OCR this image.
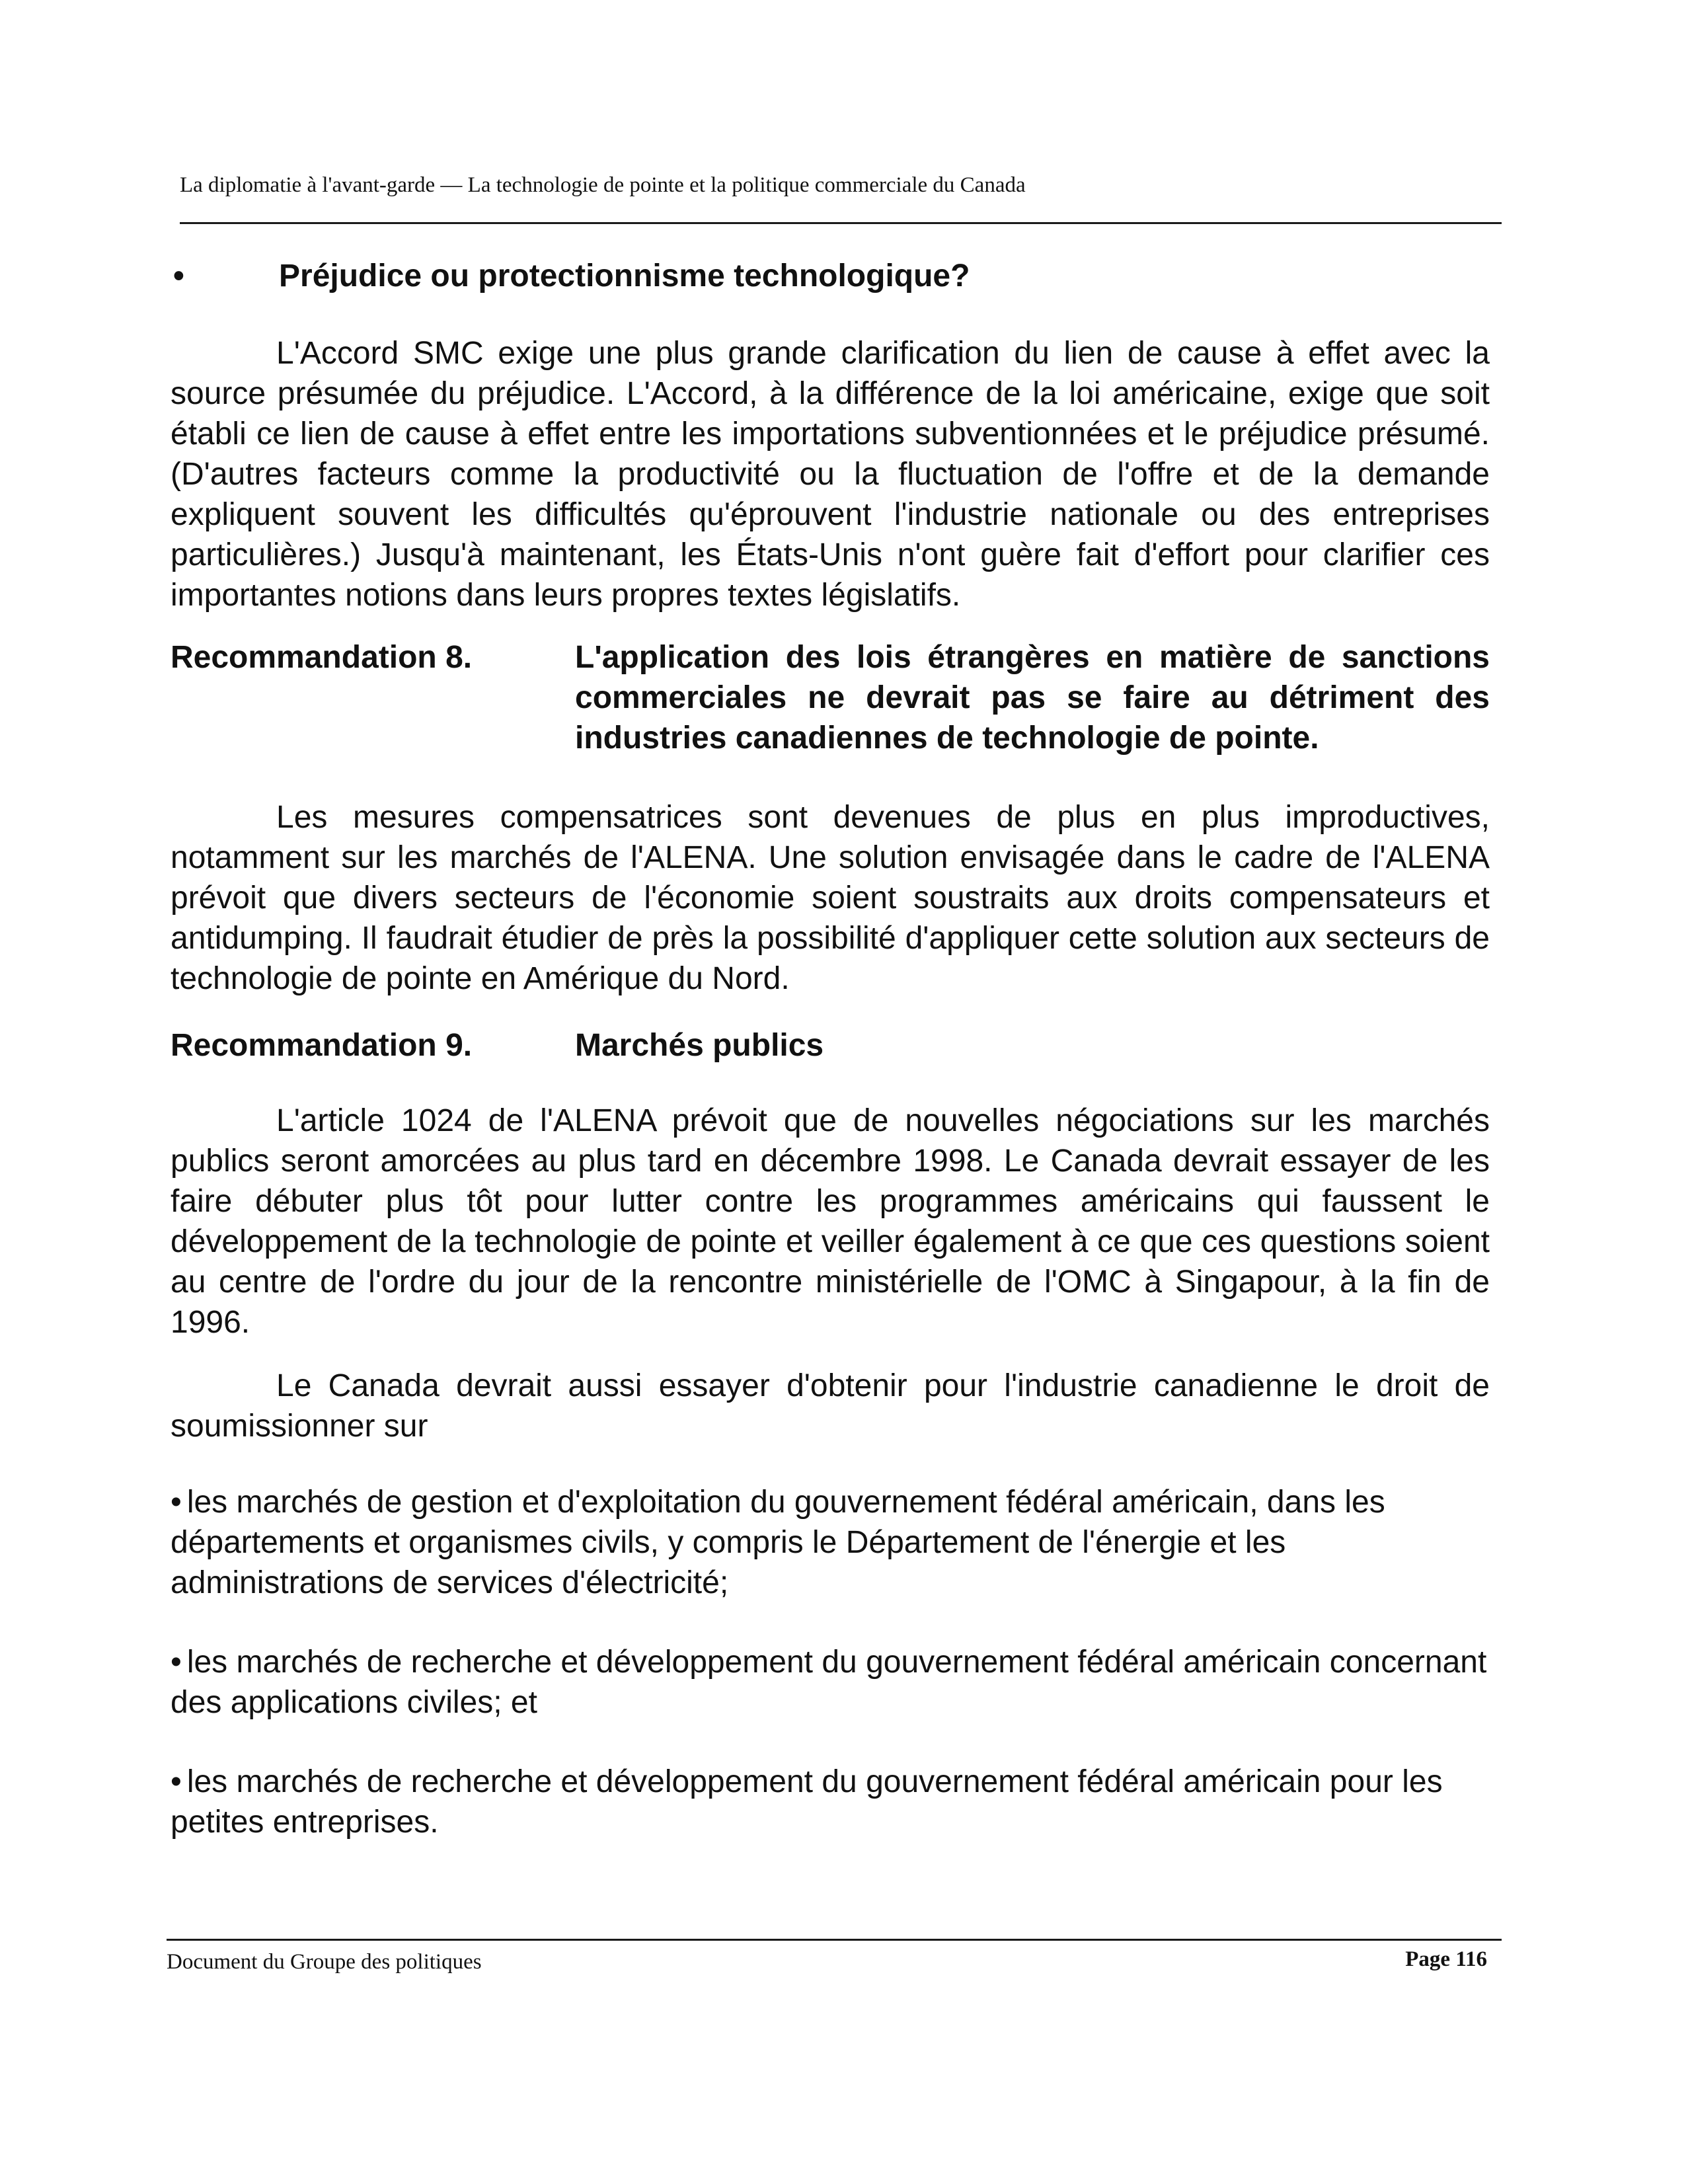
La diplomatie à l'avant-garde — La technologie de pointe et la politique commerciale du Canada
•	Préjudice ou protectionnisme technologique?
L'Accord SMC exige une plus grande clarification du lien de cause à effet avec la source présumée du préjudice. L'Accord, à la différence de la loi américaine, exige que soit établi ce lien de cause à effet entre les importations subventionnées et le préjudice présumé. (D'autres facteurs comme la productivité ou la fluctuation de l'offre et de la demande expliquent souvent les difficultés qu'éprouvent l'industrie nationale ou des entreprises particulières.) Jusqu'à maintenant, les États-Unis n'ont guère fait d'effort pour clarifier ces importantes notions dans leurs propres textes législatifs.
Recommandation 8.	L'application des lois étrangères en matière de sanctions commerciales ne devrait pas se faire au détriment des industries canadiennes de technologie de pointe.
Les mesures compensatrices sont devenues de plus en plus improductives, notamment sur les marchés de l'ALENA. Une solution envisagée dans le cadre de l'ALENA prévoit que divers secteurs de l'économie soient soustraits aux droits compensateurs et antidumping. Il faudrait étudier de près la possibilité d'appliquer cette solution aux secteurs de technologie de pointe en Amérique du Nord.
Recommandation 9.	Marchés publics
L'article 1024 de l'ALENA prévoit que de nouvelles négociations sur les marchés publics seront amorcées au plus tard en décembre 1998. Le Canada devrait essayer de les faire débuter plus tôt pour lutter contre les programmes américains qui faussent le développement de la technologie de pointe et veiller également à ce que ces questions soient au centre de l'ordre du jour de la rencontre ministérielle de l'OMC à Singapour, à la fin de 1996.
Le Canada devrait aussi essayer d'obtenir pour l'industrie canadienne le droit de soumissionner sur
• les marchés de gestion et d'exploitation du gouvernement fédéral américain, dans les départements et organismes civils, y compris le Département de l'énergie et les administrations de services d'électricité;
• les marchés de recherche et développement du gouvernement fédéral américain concernant des applications civiles; et
• les marchés de recherche et développement du gouvernement fédéral américain pour les petites entreprises.
Document du Groupe des politiques	Page 116
